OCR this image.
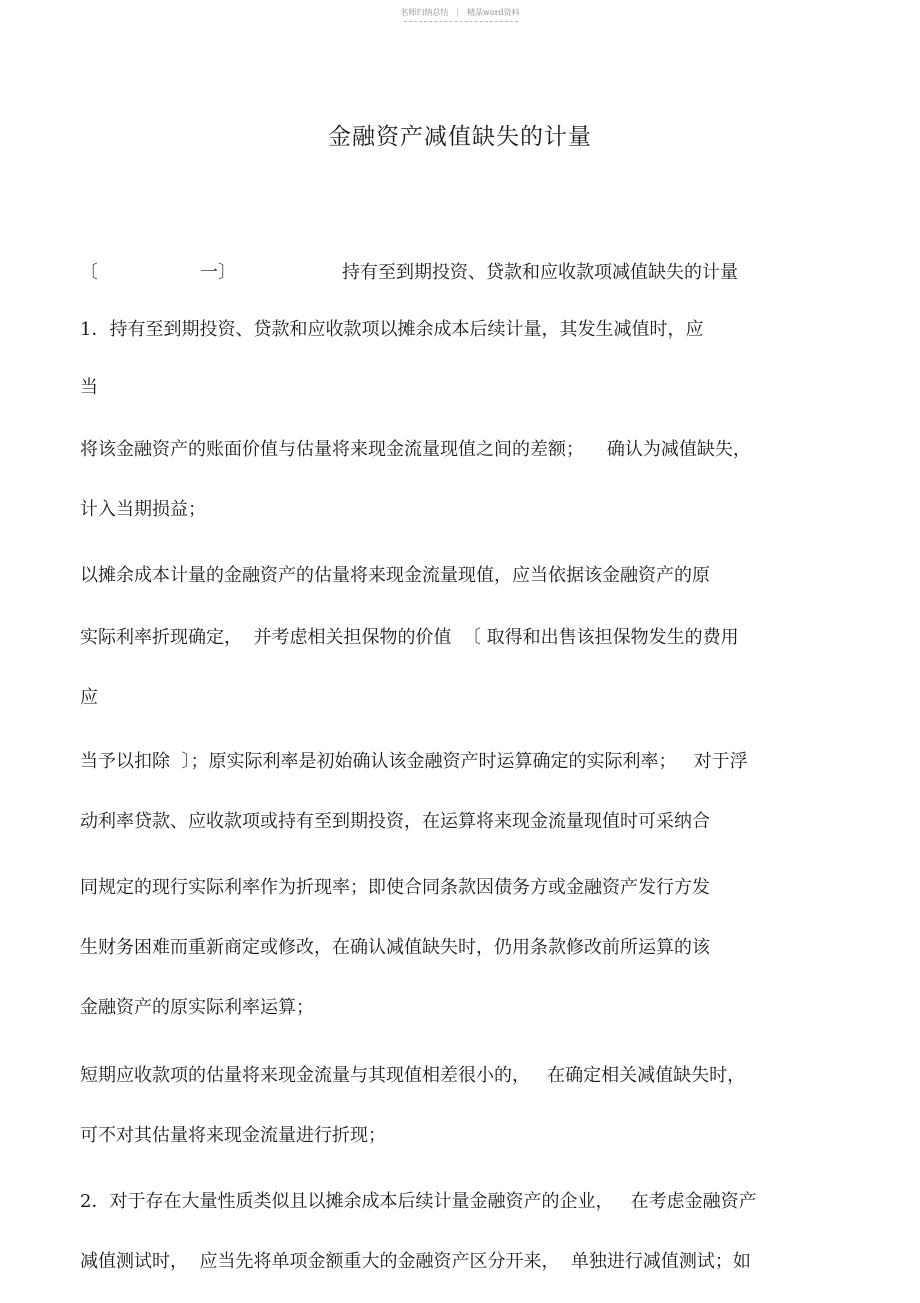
名师归纳总结 | 精品word资料
金融资产减值缺失的计量
〔	一〕	持有至到期投资、贷款和应收款项减值缺失的计量
1．持有至到期投资、贷款和应收款项以摊余成本后续计量，其发生减值时，应
当
将该金融资产的账面价值与估量将来现金流量现值之间的差额；    确认为减值缺失，
计入当期损益；
以摊余成本计量的金融资产的估量将来现金流量现值，应当依据该金融资产的原
实际利率折现确定，  并考虑相关担保物的价值  〔 取得和出售该担保物发生的费用
应
当予以扣除  〕；原实际利率是初始确认该金融资产时运算确定的实际利率；   对于浮
动利率贷款、应收款项或持有至到期投资，在运算将来现金流量现值时可采纳合
同规定的现行实际利率作为折现率；即使合同条款因债务方或金融资产发行方发
生财务困难而重新商定或修改，在确认减值缺失时，仍用条款修改前所运算的该
金融资产的原实际利率运算；
短期应收款项的估量将来现金流量与其现值相差很小的，   在确定相关减值缺失时，
可不对其估量将来现金流量进行折现；
2．对于存在大量性质类似且以摊余成本后续计量金融资产的企业，   在考虑金融资产
减值测试时，  应当先将单项金额重大的金融资产区分开来，  单独进行减值测试；如
